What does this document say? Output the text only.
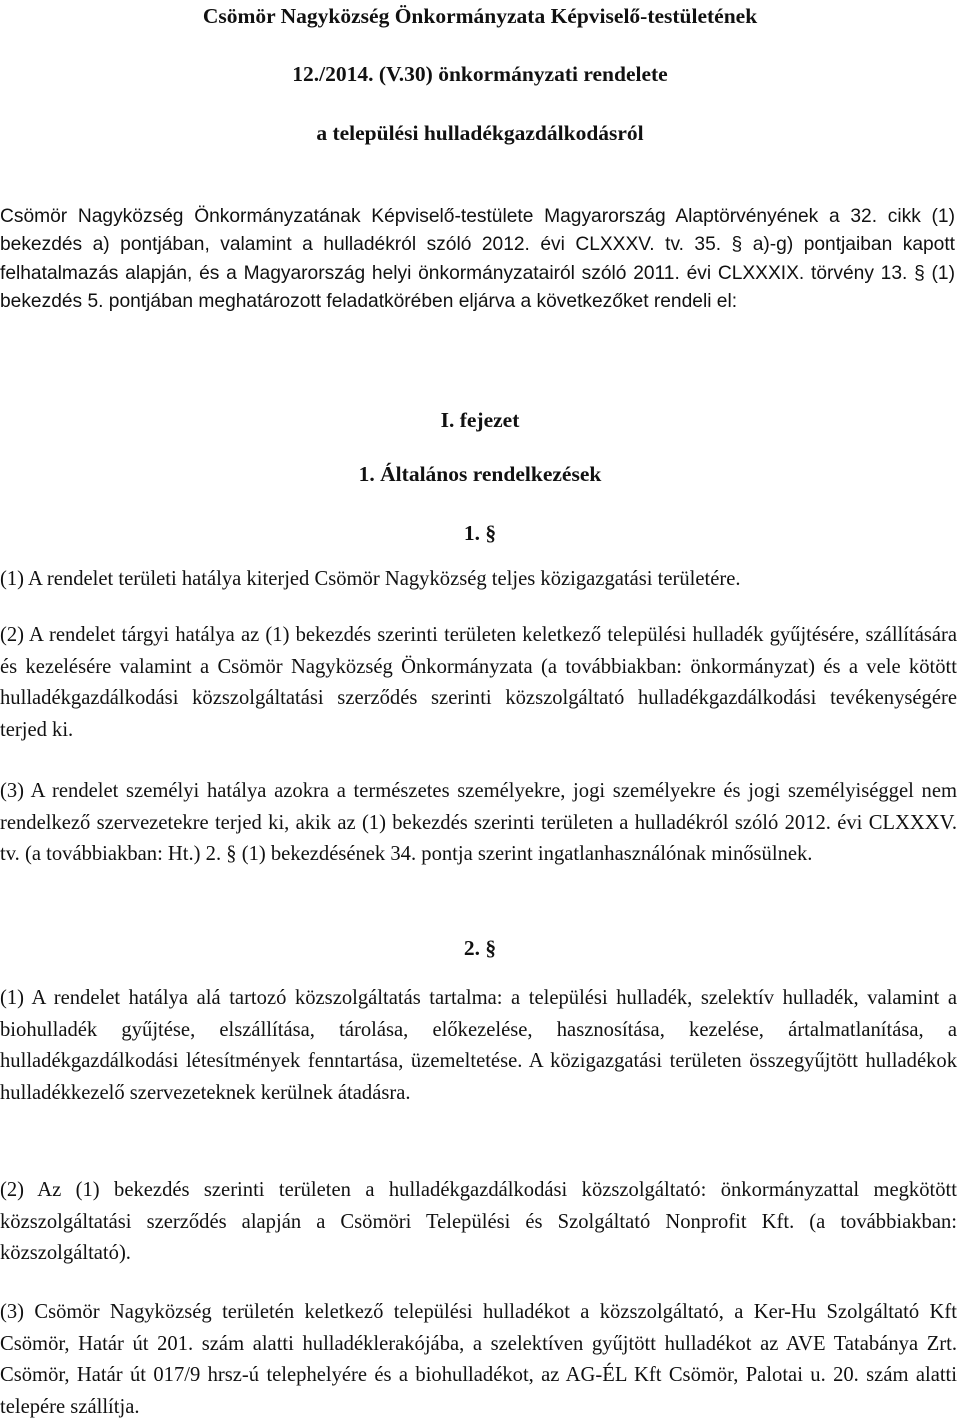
Csömör Nagyközség Önkormányzata Képviselő-testületének
12./2014. (V.30) önkormányzati rendelete
a települési hulladékgazdálkodásról

Csömör Nagyközség Önkormányzatának Képviselő-testülete Magyarország Alaptörvényének a 32. cikk (1) bekezdés a) pontjában, valamint a hulladékról szóló 2012. évi CLXXXV. tv. 35. § a)-g) pontjaiban kapott felhatalmazás alapján, és a Magyarország helyi önkormányzatairól szóló 2011. évi CLXXXIX. törvény 13. § (1) bekezdés 5. pontjában meghatározott feladatkörében eljárva a következőket rendeli el:

I. fejezet
1. Általános rendelkezések
1. §

(1) A rendelet területi hatálya kiterjed Csömör Nagyközség teljes közigazgatási területére.

(2) A rendelet tárgyi hatálya az (1) bekezdés szerinti területen keletkező települési hulladék gyűjtésére, szállítására és kezelésére valamint a Csömör Nagyközség Önkormányzata (a továbbiakban: önkormányzat) és a vele kötött hulladékgazdálkodási közszolgáltatási szerződés szerinti közszolgáltató hulladékgazdálkodási tevékenységére terjed ki.

(3) A rendelet személyi hatálya azokra a természetes személyekre, jogi személyekre és jogi személyiséggel nem rendelkező szervezetekre terjed ki, akik az (1) bekezdés szerinti területen a hulladékról szóló 2012. évi CLXXXV. tv. (a továbbiakban: Ht.) 2. § (1) bekezdésének 34. pontja szerint ingatlanhasználónak minősülnek.

2. §

(1) A rendelet hatálya alá tartozó közszolgáltatás tartalma: a települési hulladék, szelektív hulladék, valamint a biohulladék gyűjtése, elszállítása, tárolása, előkezelése, hasznosítása, kezelése, ártalmatlanítása, a hulladékgazdálkodási létesítmények fenntartása, üzemeltetése. A közigazgatási területen összegyűjtött hulladékok hulladékkezelő szervezeteknek kerülnek átadásra.

(2) Az (1) bekezdés szerinti területen a hulladékgazdálkodási közszolgáltató: önkormányzattal megkötött közszolgáltatási szerződés alapján a Csömöri Települési és Szolgáltató Nonprofit Kft. (a továbbiakban: közszolgáltató).

(3) Csömör Nagyközség területén keletkező települési hulladékot a közszolgáltató, a Ker-Hu Szolgáltató Kft Csömör, Határ út 201. szám alatti hulladéklerakójába, a szelektíven gyűjtött hulladékot az AVE Tatabánya Zrt. Csömör, Határ út 017/9 hrsz-ú telephelyére és a biohulladékot, az AG-ÉL Kft Csömör, Palotai u. 20. szám alatti telepére szállítja.
